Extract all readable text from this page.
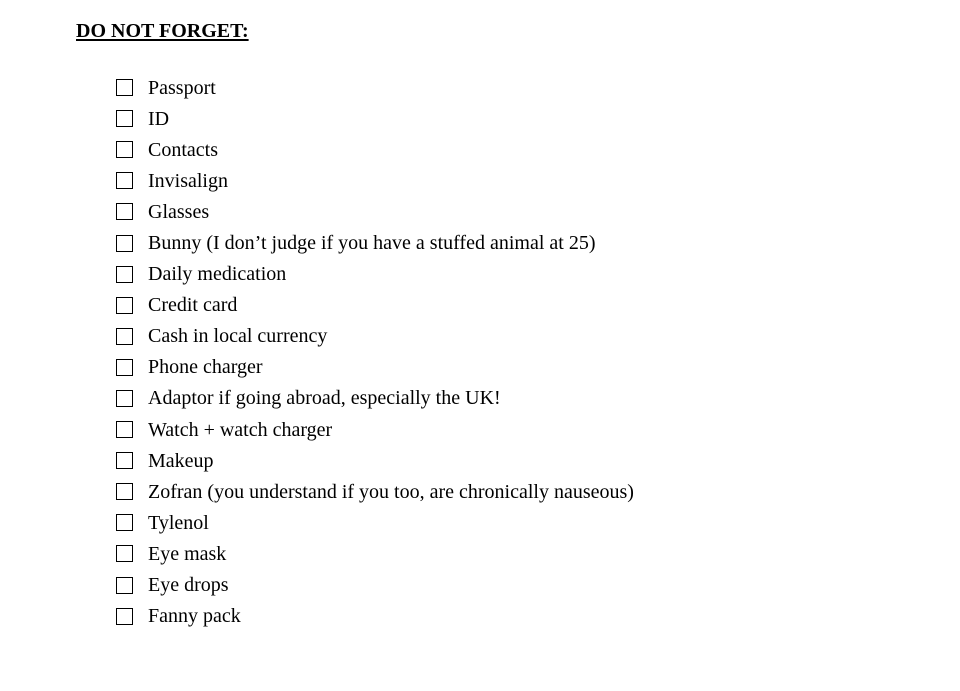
DO NOT FORGET:
Passport
ID
Contacts
Invisalign
Glasses
Bunny (I don’t judge if you have a stuffed animal at 25)
Daily medication
Credit card
Cash in local currency
Phone charger
Adaptor if going abroad, especially the UK!
Watch + watch charger
Makeup
Zofran (you understand if you too, are chronically nauseous)
Tylenol
Eye mask
Eye drops
Fanny pack
